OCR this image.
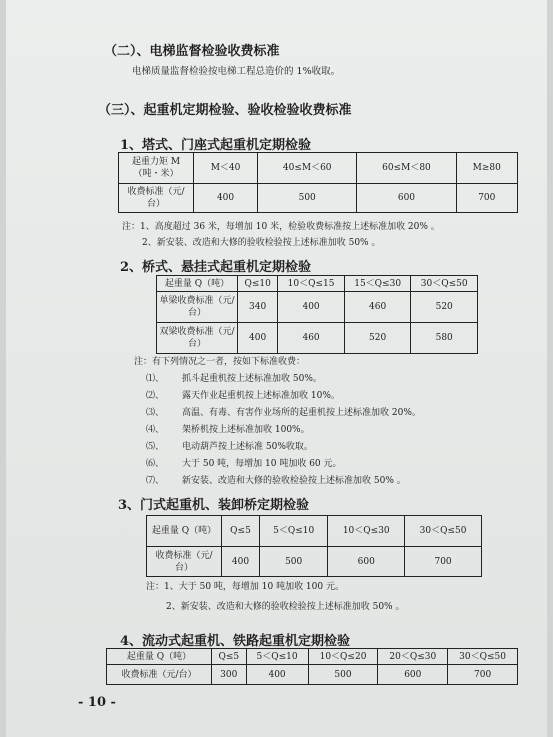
（二）、电梯监督检验收费标准
电梯质量监督检验按电梯工程总造价的 1%收取。
（三）、起重机定期检验、验收检验收费标准
1、塔式、门座式起重机定期检验
起重力矩 M（吨・米）	M＜40	40≤M＜60	60≤M＜80	M≥80
收费标准（元/台）	400	500	600	700
注：1、高度超过 36 米，每增加 10 米，检验收费标准按上述标准加收 20% 。
2、新安装、改造和大修的验收检验按上述标准加收 50% 。
2、桥式、悬挂式起重机定期检验
起重量 Q（吨）	Q≤10	10＜Q≤15	15＜Q≤30	30＜Q≤50
单梁收费标准（元/台）	340	400	460	520
双梁收费标准（元/台）	400	460	520	580
注：有下列情况之一者，按如下标准收费：
⑴、 抓斗起重机按上述标准加收 50%。
⑵、 露天作业起重机按上述标准加收 10%。
⑶、 高温、有毒、有害作业场所的起重机按上述标准加收 20%。
⑷、 架桥机按上述标准加收 100%。
⑸、 电动葫芦按上述标准 50%收取。
⑹、 大于 50 吨，每增加 10 吨加收 60 元。
⑺、 新安装、改造和大修的验收检验按上述标准加收 50% 。
3、门式起重机、装卸桥定期检验
起重量 Q（吨）	Q≤5	5＜Q≤10	10＜Q≤30	30＜Q≤50
收费标准（元/台）	400	500	600	700
注：1、大于 50 吨，每增加 10 吨加收 100 元。
2、新安装、改造和大修的验收检验按上述标准加收 50% 。
4、流动式起重机、铁路起重机定期检验
起重量 Q（吨）	Q≤5	5＜Q≤10	10＜Q≤20	20＜Q≤30	30＜Q≤50
收费标准（元/台）	300	400	500	600	700
- 10 -
